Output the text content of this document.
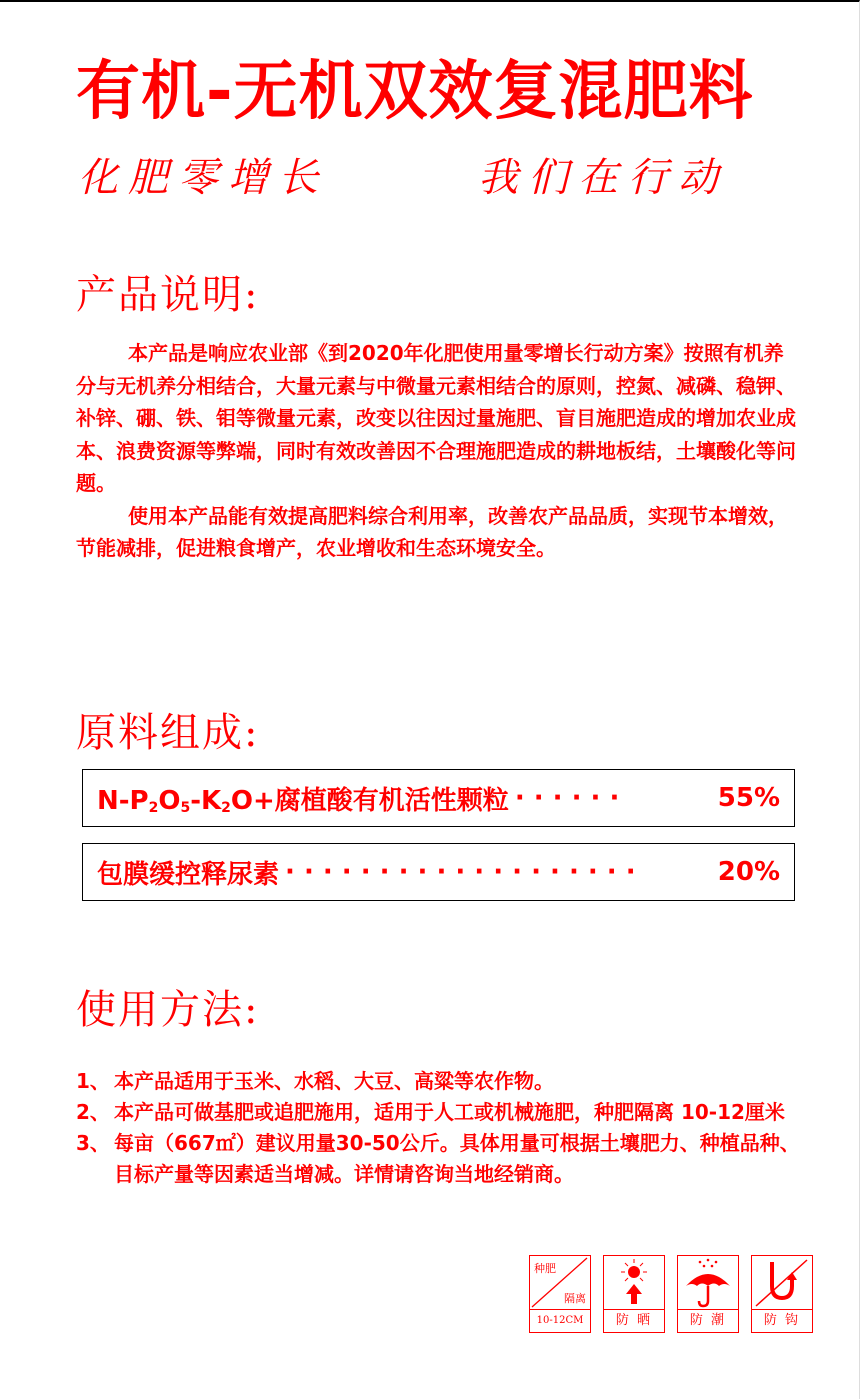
有机-无机双效复混肥料
化肥零增长	我们在行动
产品说明:

本产品是响应农业部《到2020年化肥使用量零增长行动方案》按照有机养分与无机养分相结合，大量元素与中微量元素相结合的原则，控氮、减磷、稳钾、补锌、硼、铁、钼等微量元素，改变以往因过量施肥、盲目施肥造成的增加农业成本、浪费资源等弊端，同时有效改善因不合理施肥造成的耕地板结，土壤酸化等问题。

使用本产品能有效提高肥料综合利用率，改善农产品品质，实现节本增效，节能减排，促进粮食增产，农业增收和生态环境安全。

原料组成:
$N-P_2O_5-K_2O+$腐植酸有机活性颗粒 · · · · · ·	55%
包膜缓控释尿素 · · · · · · · · · · · · · · · · · · ·	20%
使用方法:
1、 本产品适用于玉米、水稻、大豆、高粱等农作物。
2、 本产品可做基肥或追肥施用，适用于人工或机械施肥，种肥隔离 10-12厘米
3、 每亩（667㎡）建议用量30-50公斤。具体用量可根据土壤肥力、种植品种、目标产量等因素适当增减。详情请咨询当地经销商。
种肥
隔离
10-12CM	防 晒	防 潮	防 钩
